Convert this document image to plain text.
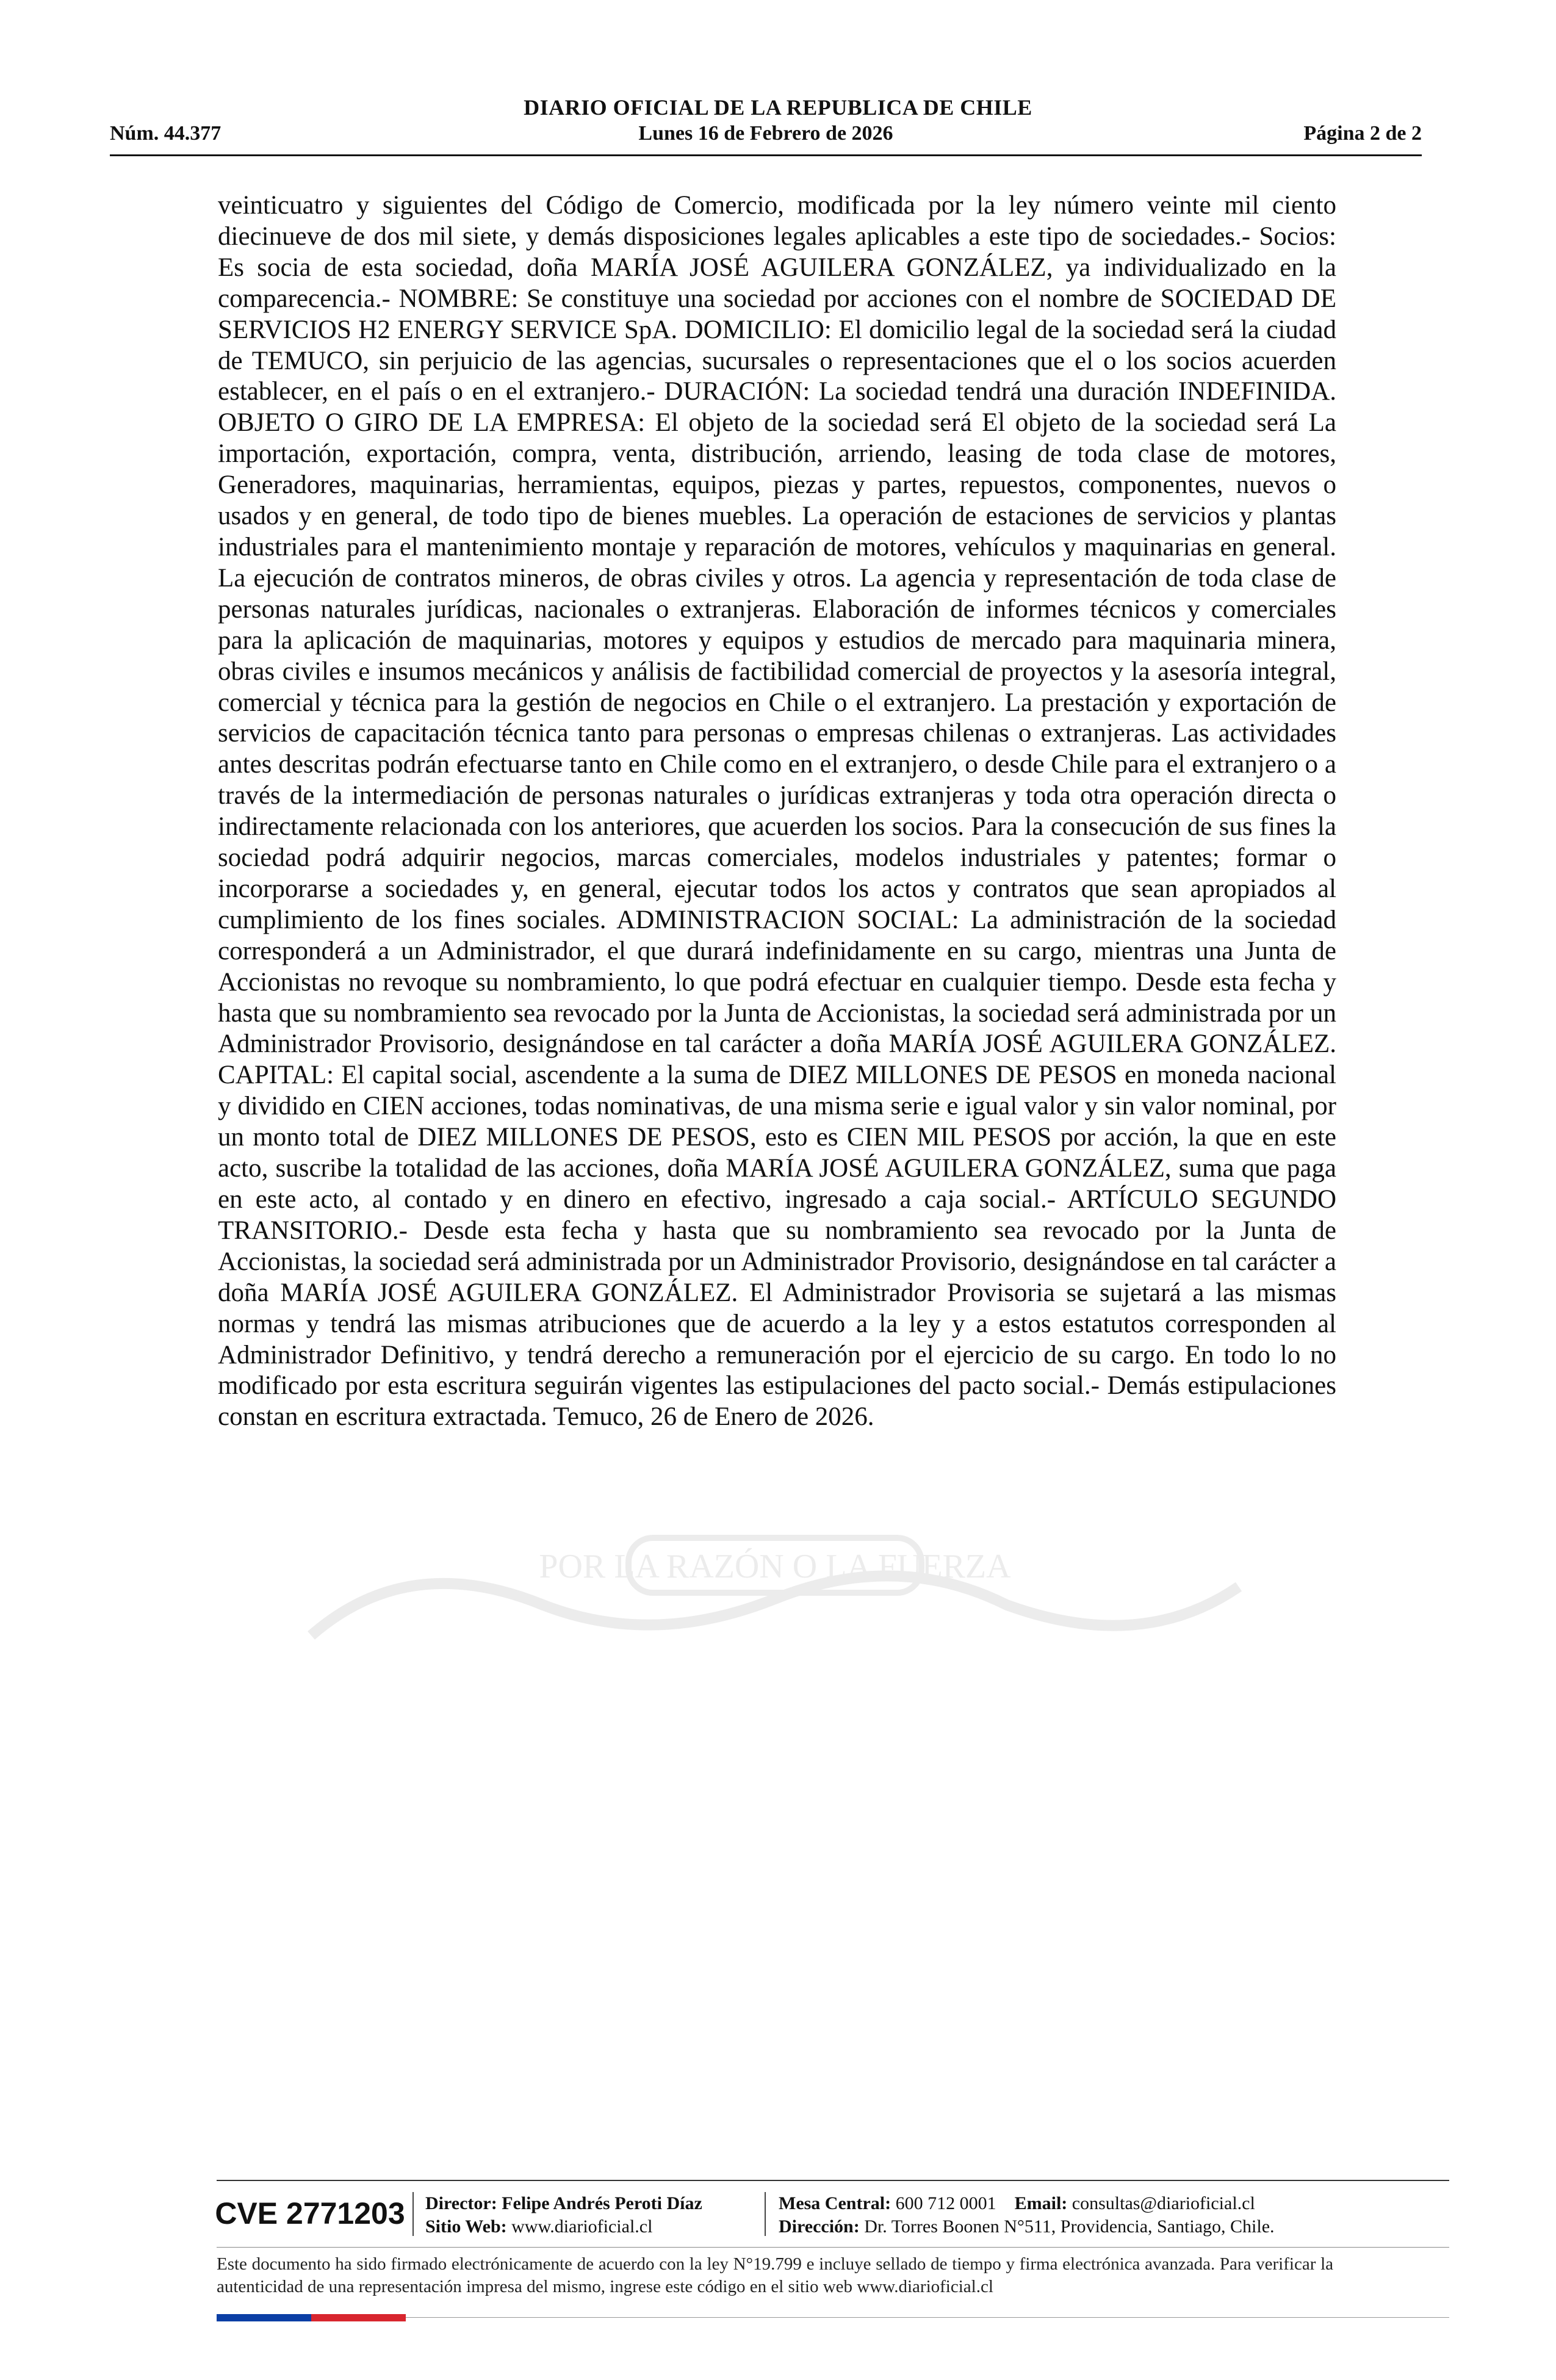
DIARIO OFICIAL DE LA REPUBLICA DE CHILE
Núm. 44.377	Lunes 16 de Febrero de 2026	Página 2 de 2
POR LA RAZÓN O LA FUERZA
veinticuatro y siguientes del Código de Comercio, modificada por la ley número veinte mil ciento diecinueve de dos mil siete, y demás disposiciones legales aplicables a este tipo de sociedades.- Socios: Es socia de esta sociedad, doña MARÍA JOSÉ AGUILERA GONZÁLEZ, ya individualizado en la comparecencia.- NOMBRE: Se constituye una sociedad por acciones con el nombre de SOCIEDAD DE SERVICIOS H2 ENERGY SERVICE SpA. DOMICILIO: El domicilio legal de la sociedad será la ciudad de TEMUCO, sin perjuicio de las agencias, sucursales o representaciones que el o los socios acuerden establecer, en el país o en el extranjero.- DURACIÓN: La sociedad tendrá una duración INDEFINIDA. OBJETO O GIRO DE LA EMPRESA: El objeto de la sociedad será El objeto de la sociedad será La importación, exportación, compra, venta, distribución, arriendo, leasing de toda clase de motores, Generadores, maquinarias, herramientas, equipos, piezas y partes, repuestos, componentes, nuevos o usados y en general, de todo tipo de bienes muebles. La operación de estaciones de servicios y plantas industriales para el mantenimiento montaje y reparación de motores, vehículos y maquinarias en general. La ejecución de contratos mineros, de obras civiles y otros. La agencia y representación de toda clase de personas naturales jurídicas, nacionales o extranjeras. Elaboración de informes técnicos y comerciales para la aplicación de maquinarias, motores y equipos y estudios de mercado para maquinaria minera, obras civiles e insumos mecánicos y análisis de factibilidad comercial de proyectos y la asesoría integral, comercial y técnica para la gestión de negocios en Chile o el extranjero. La prestación y exportación de servicios de capacitación técnica tanto para personas o empresas chilenas o extranjeras. Las actividades antes descritas podrán efectuarse tanto en Chile como en el extranjero, o desde Chile para el extranjero o a través de la intermediación de personas naturales o jurídicas extranjeras y toda otra operación directa o indirectamente relacionada con los anteriores, que acuerden los socios. Para la consecución de sus fines la sociedad podrá adquirir negocios, marcas comerciales, modelos industriales y patentes; formar o incorporarse a sociedades y, en general, ejecutar todos los actos y contratos que sean apropiados al cumplimiento de los fines sociales. ADMINISTRACION SOCIAL: La administración de la sociedad corresponderá a un Administrador, el que durará indefinidamente en su cargo, mientras una Junta de Accionistas no revoque su nombramiento, lo que podrá efectuar en cualquier tiempo. Desde esta fecha y hasta que su nombramiento sea revocado por la Junta de Accionistas, la sociedad será administrada por un Administrador Provisorio, designándose en tal carácter a doña MARÍA JOSÉ AGUILERA GONZÁLEZ. CAPITAL: El capital social, ascendente a la suma de DIEZ MILLONES DE PESOS en moneda nacional y dividido en CIEN acciones, todas nominativas, de una misma serie e igual valor y sin valor nominal, por un monto total de DIEZ MILLONES DE PESOS, esto es CIEN MIL PESOS por acción, la que en este acto, suscribe la totalidad de las acciones, doña MARÍA JOSÉ AGUILERA GONZÁLEZ, suma que paga en este acto, al contado y en dinero en efectivo, ingresado a caja social.- ARTÍCULO SEGUNDO TRANSITORIO.- Desde esta fecha y hasta que su nombramiento sea revocado por la Junta de Accionistas, la sociedad será administrada por un Administrador Provisorio, designándose en tal carácter a doña MARÍA JOSÉ AGUILERA GONZÁLEZ. El Administrador Provisoria se sujetará a las mismas normas y tendrá las mismas atribuciones que de acuerdo a la ley y a estos estatutos corresponden al Administrador Definitivo, y tendrá derecho a remuneración por el ejercicio de su cargo. En todo lo no modificado por esta escritura seguirán vigentes las estipulaciones del pacto social.- Demás estipulaciones constan en escritura extractada. Temuco, 26 de Enero de 2026.
CVE 2771203	Director: Felipe Andrés Peroti Díaz
Sitio Web: www.diarioficial.cl
Mesa Central: 600 712 0001 Email: consultas@diarioficial.cl
Dirección: Dr. Torres Boonen N°511, Providencia, Santiago, Chile.
Este documento ha sido firmado electrónicamente de acuerdo con la ley N°19.799 e incluye sellado de tiempo y firma electrónica avanzada. Para verificar la autenticidad de una representación impresa del mismo, ingrese este código en el sitio web www.diarioficial.cl
